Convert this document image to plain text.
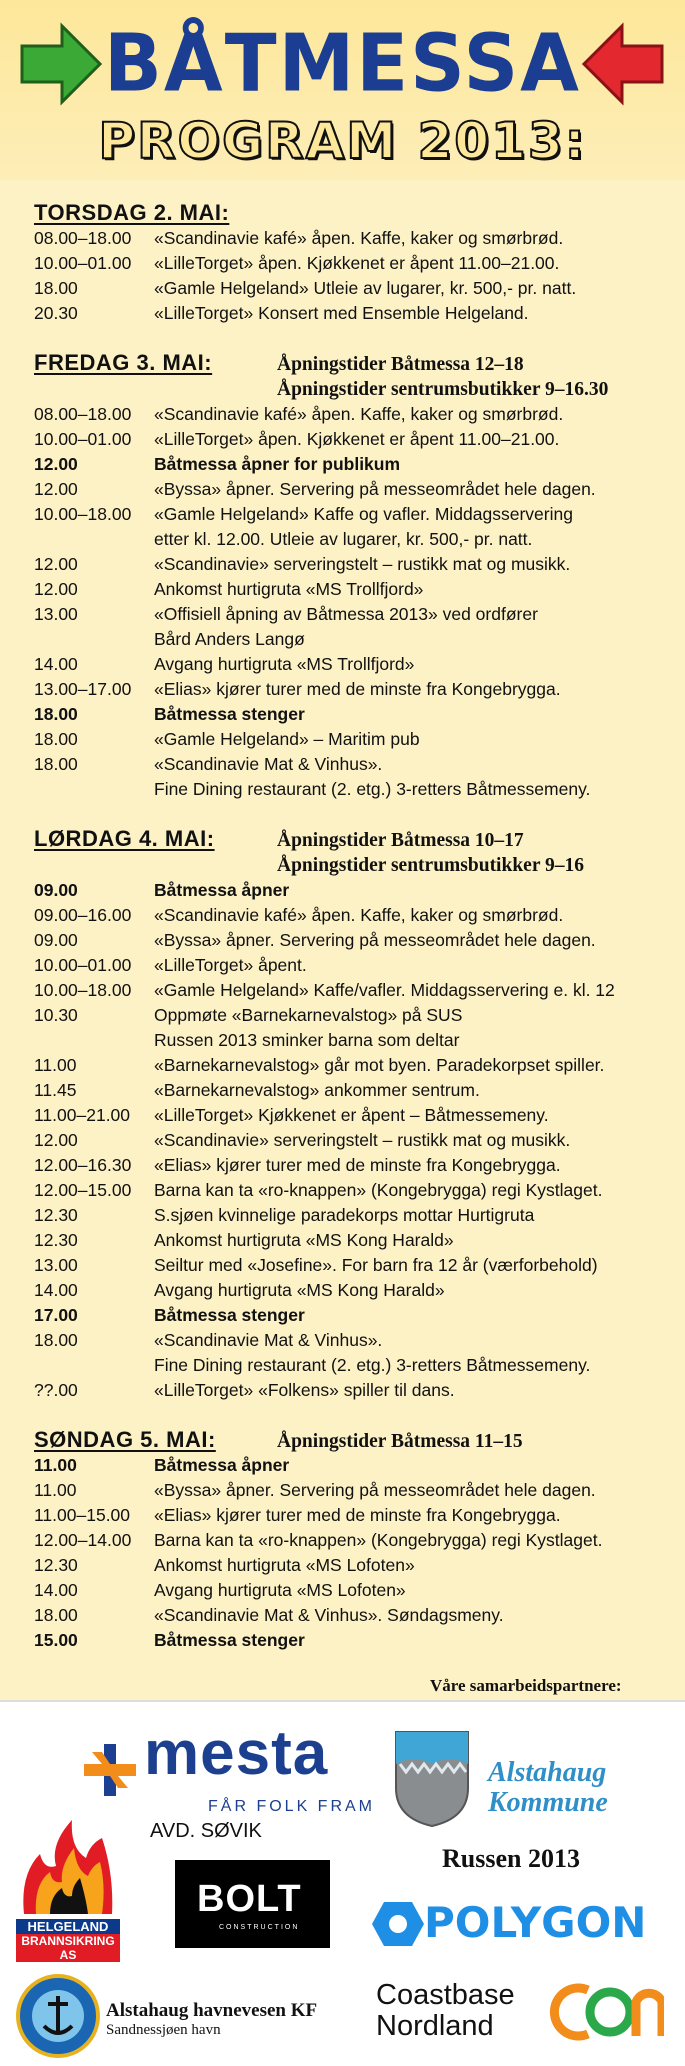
BÅTMESSA
PROGRAM 2013:
TORSDAG 2. MAI:
08.00–18.00	«Scandinavie kafé» åpen. Kaffe, kaker og smørbrød.
10.00–01.00	«LilleTorget» åpen. Kjøkkenet er åpent 11.00–21.00.
18.00	«Gamle Helgeland» Utleie av lugarer, kr. 500,- pr. natt.
20.30	«LilleTorget» Konsert med Ensemble Helgeland.
FREDAG 3. MAI:	Åpningstider Båtmessa 12–18
Åpningstider sentrumsbutikker 9–16.30
08.00–18.00	«Scandinavie kafé» åpen. Kaffe, kaker og smørbrød.
10.00–01.00	«LilleTorget» åpen. Kjøkkenet er åpent 11.00–21.00.
12.00	Båtmessa åpner for publikum
12.00	«Byssa» åpner. Servering på messeområdet hele dagen.
10.00–18.00	«Gamle Helgeland» Kaffe og vafler. Middagsservering
etter kl. 12.00. Utleie av lugarer, kr. 500,- pr. natt.
12.00	«Scandinavie» serveringstelt – rustikk mat og musikk.
12.00	Ankomst hurtigruta «MS Trollfjord»
13.00	«Offisiell åpning av Båtmessa 2013» ved ordfører
Bård Anders Langø
14.00	Avgang hurtigruta «MS Trollfjord»
13.00–17.00	«Elias» kjører turer med de minste fra Kongebrygga.
18.00	Båtmessa stenger
18.00	«Gamle Helgeland» – Maritim pub
18.00	«Scandinavie Mat & Vinhus».
Fine Dining restaurant (2. etg.) 3-retters Båtmessemeny.
LØRDAG 4. MAI:	Åpningstider Båtmessa 10–17
Åpningstider sentrumsbutikker 9–16
09.00	Båtmessa åpner
09.00–16.00	«Scandinavie kafé» åpen. Kaffe, kaker og smørbrød.
09.00	«Byssa» åpner. Servering på messeområdet hele dagen.
10.00–01.00	«LilleTorget» åpent.
10.00–18.00	«Gamle Helgeland» Kaffe/vafler. Middagsservering e. kl. 12
10.30	Oppmøte «Barnekarnevalstog» på SUS
Russen 2013 sminker barna som deltar
11.00	«Barnekarnevalstog» går mot byen. Paradekorpset spiller.
11.45	«Barnekarnevalstog» ankommer sentrum.
11.00–21.00	«LilleTorget» Kjøkkenet er åpent – Båtmessemeny.
12.00	«Scandinavie» serveringstelt – rustikk mat og musikk.
12.00–16.30	«Elias» kjører turer med de minste fra Kongebrygga.
12.00–15.00	Barna kan ta «ro-knappen» (Kongebrygga) regi Kystlaget.
12.30	S.sjøen kvinnelige paradekorps mottar Hurtigruta
12.30	Ankomst hurtigruta «MS Kong Harald»
13.00	Seiltur med «Josefine». For barn fra 12 år (værforbehold)
14.00	Avgang hurtigruta «MS Kong Harald»
17.00	Båtmessa stenger
18.00	«Scandinavie Mat & Vinhus».
Fine Dining restaurant (2. etg.) 3-retters Båtmessemeny.
??.00	«LilleTorget» «Folkens» spiller til dans.
SØNDAG 5. MAI:	Åpningstider Båtmessa 11–15
11.00	Båtmessa åpner
11.00	«Byssa» åpner. Servering på messeområdet hele dagen.
11.00–15.00	«Elias» kjører turer med de minste fra Kongebrygga.
12.00–14.00	Barna kan ta «ro-knappen» (Kongebrygga) regi Kystlaget.
12.30	Ankomst hurtigruta «MS Lofoten»
14.00	Avgang hurtigruta «MS Lofoten»
18.00	«Scandinavie Mat & Vinhus». Søndagsmeny.
15.00	Båtmessa stenger
Våre samarbeidspartnere:
mesta
FÅR FOLK FRAM
AVD. SØVIK
Alstahaug
Kommune
HELGELAND
BRANNSIKRING AS
BOLT
CONSTRUCTION
Russen 2013
POLYGON
Alstahaug havnevesen KF
Sandnessjøen havn
Coastbase
Nordland
